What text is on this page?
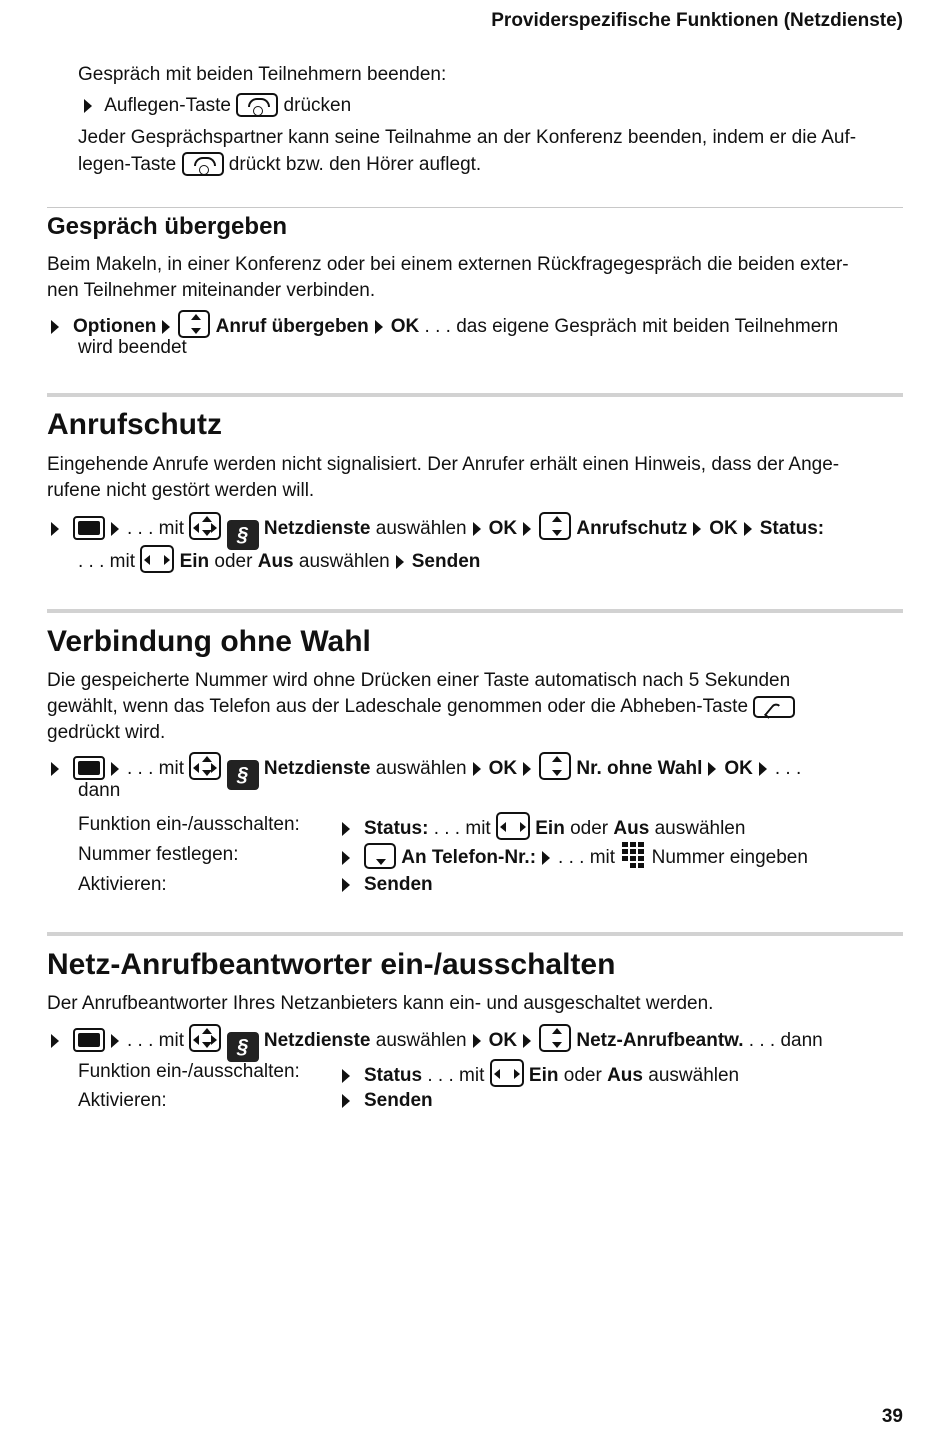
Providerspezifische Funktionen (Netzdienste)
Gespräch mit beiden Teilnehmern beenden:
Auflegen-Taste	drücken
Jeder Gesprächspartner kann seine Teilnahme an der Konferenz beenden, indem er die Auf-
legen-Taste	drückt bzw. den Hörer auflegt.
Gespräch übergeben
Beim Makeln, in einer Konferenz oder bei einem externen Rückfragegespräch die beiden exter-
nen Teilnehmer miteinander verbinden.
Optionen	Anruf übergeben OK . . . das eigene Gespräch mit beiden Teilnehmern
wird beendet
Anrufschutz
Eingehende Anrufe werden nicht signalisiert. Der Anrufer erhält einen Hinweis, dass der Ange-
rufene nicht gestört werden will.
. . . mit	§ Netzdienste auswählen OK	Anrufschutz OK Status:
. . . mit Ein oder Aus auswählen Senden
Verbindung ohne Wahl
Die gespeicherte Nummer wird ohne Drücken einer Taste automatisch nach 5 Sekunden
gewählt, wenn das Telefon aus der Ladeschale genommen oder die Abheben-Taste
gedrückt wird.
. . . mit	§ Netzdienste auswählen OK	Nr. ohne Wahl OK . . .
dann
Funktion ein-/ausschalten:	Status: . . . mit Ein oder Aus auswählen
Nummer festlegen:	An Telefon-Nr.: . . . mit Nummer eingeben
Aktivieren:	Senden
Netz-Anrufbeantworter ein-/ausschalten
Der Anrufbeantworter Ihres Netzanbieters kann ein- und ausgeschaltet werden.
. . . mit	§ Netzdienste auswählen OK	Netz-Anrufbeantw. . . . dann
Funktion ein-/ausschalten:	Status . . . mit Ein oder Aus auswählen
Aktivieren:	Senden
39
